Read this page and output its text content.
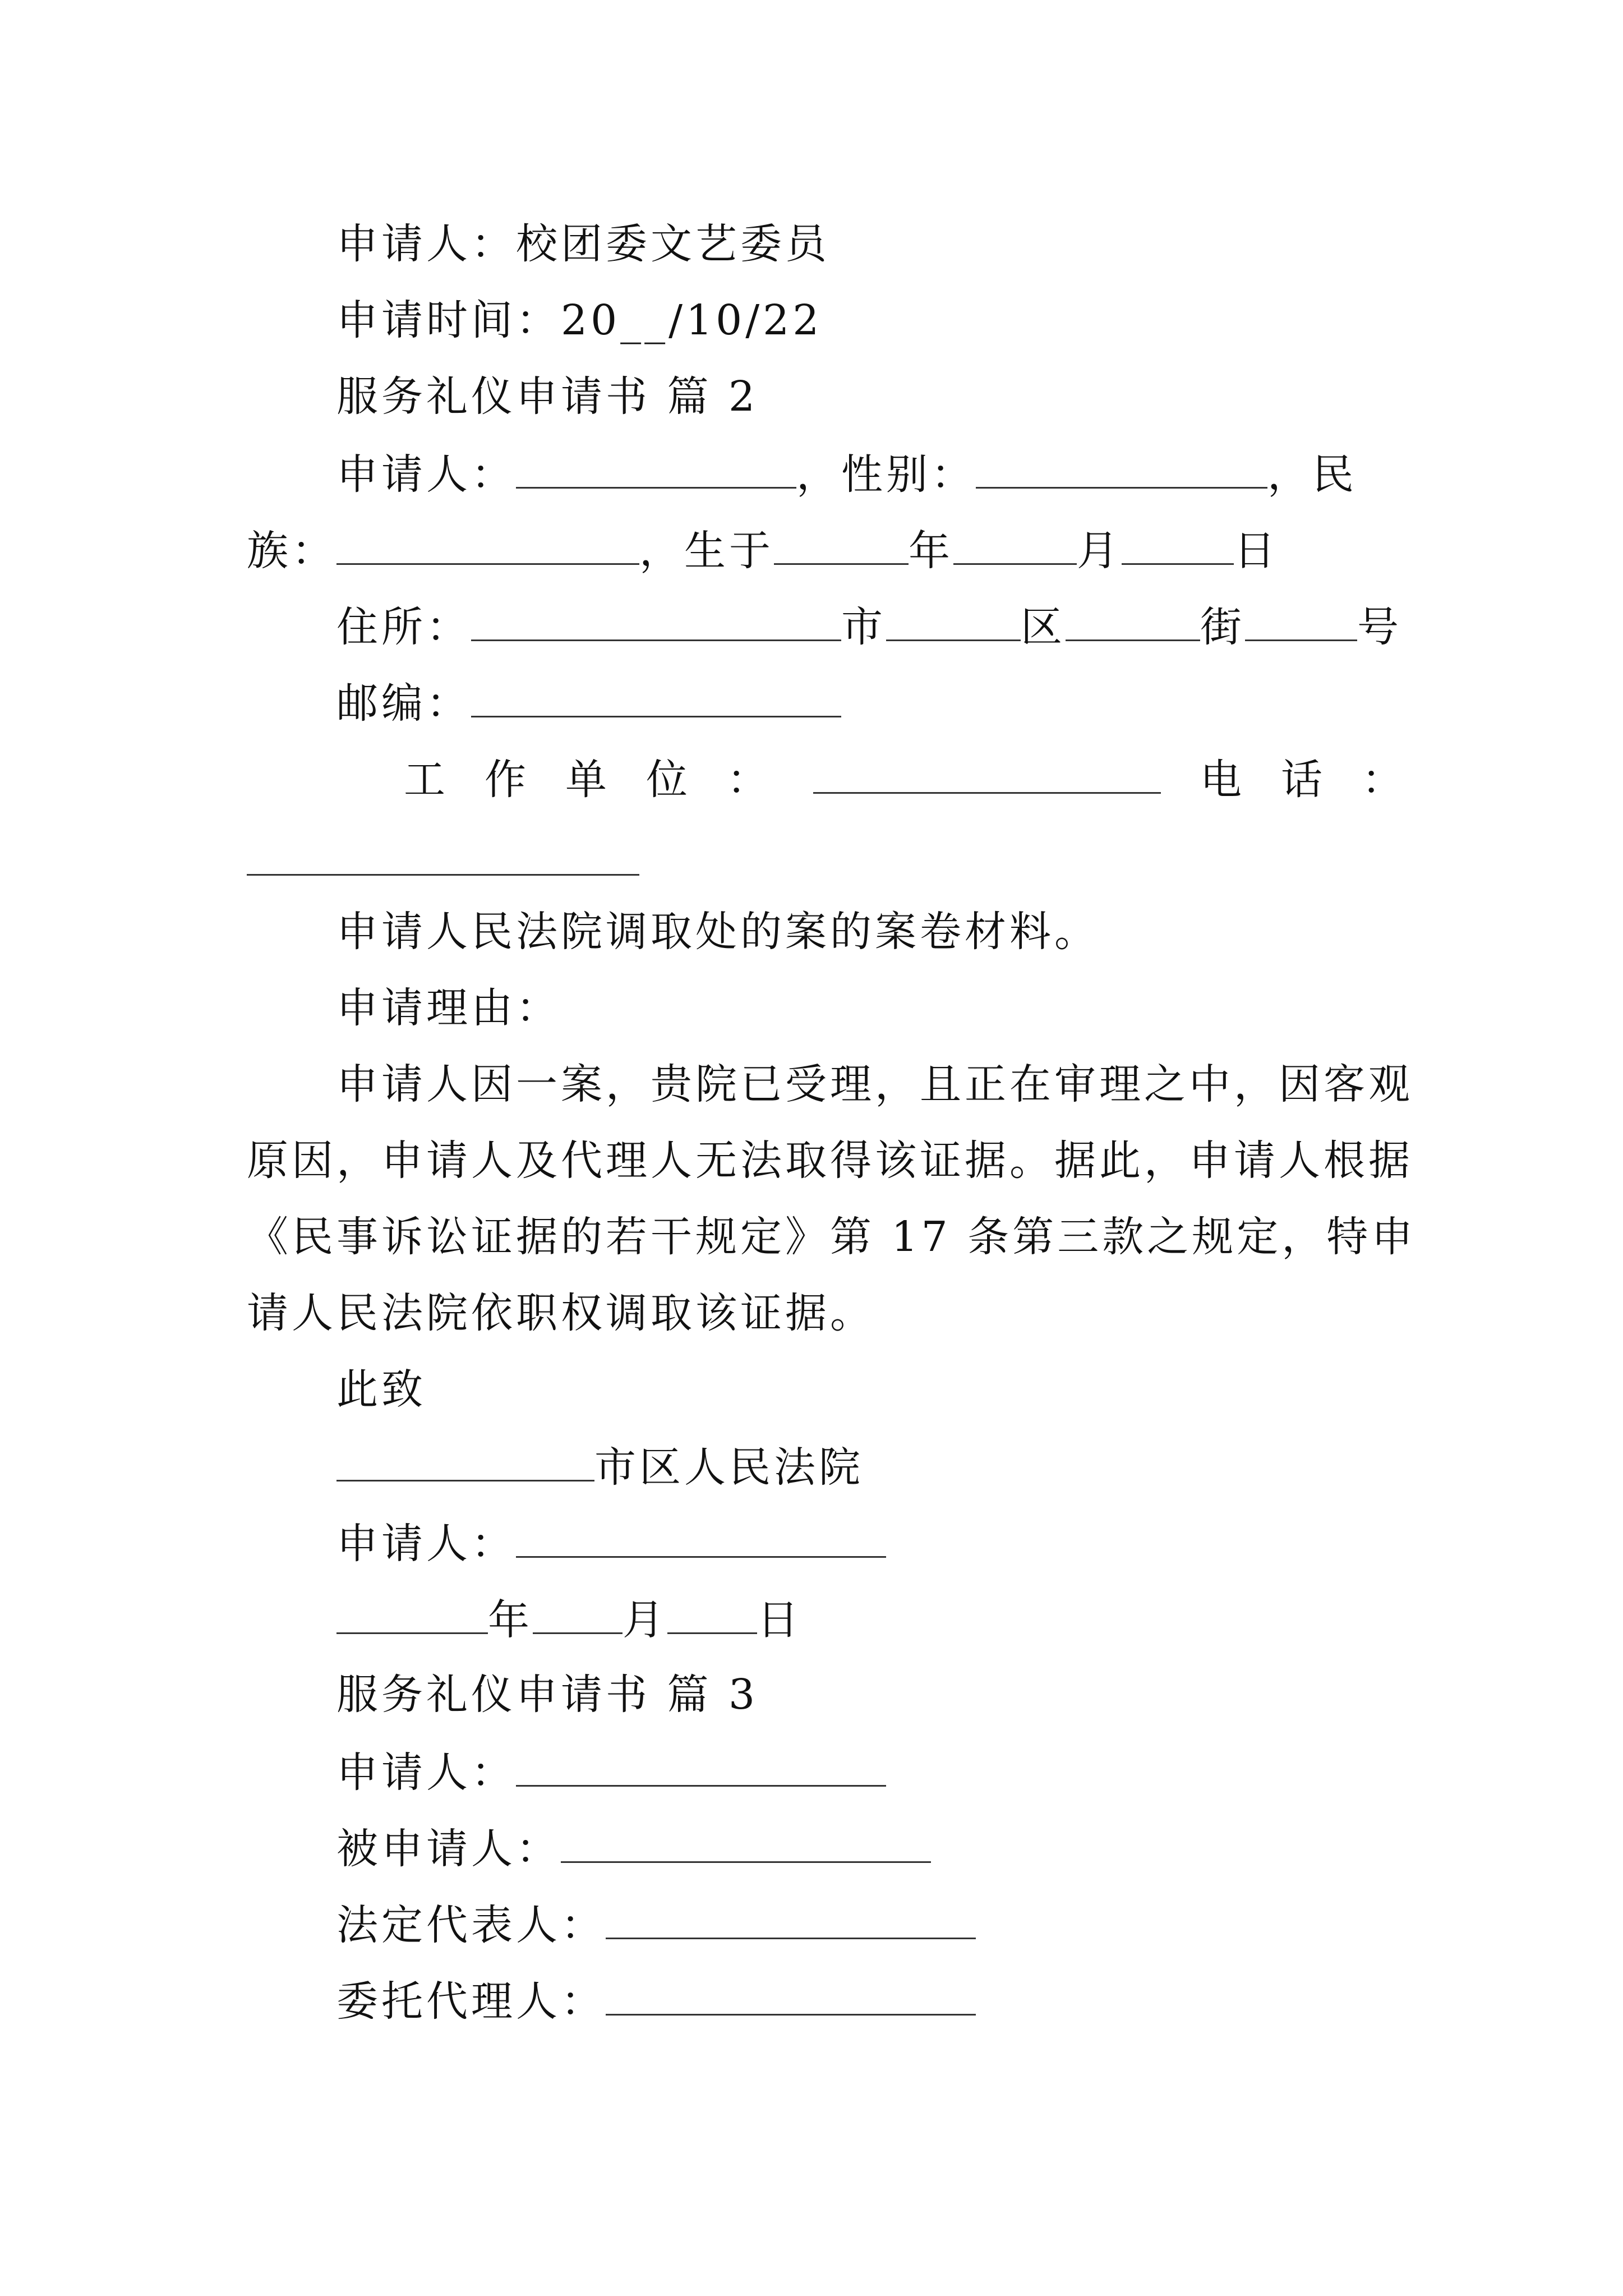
申请人：校团委文艺委员
申请时间：20__/10/22
服务礼仪申请书 篇 2
申请人：	，性别：	，民
族：	，生于	年	月	日
住所：	市	区	街	号
邮编：
工作单位：	电话：
申请人民法院调取处的案的案卷材料。
申请理由：
申请人因一案，贵院已受理，且正在审理之中，因客观
原因，申请人及代理人无法取得该证据。据此，申请人根据
《民事诉讼证据的若干规定》第 17 条第三款之规定，特申
请人民法院依职权调取该证据。
此致
市区人民法院
申请人：
年 月 日
服务礼仪申请书 篇 3
申请人：
被申请人：
法定代表人：
委托代理人：
